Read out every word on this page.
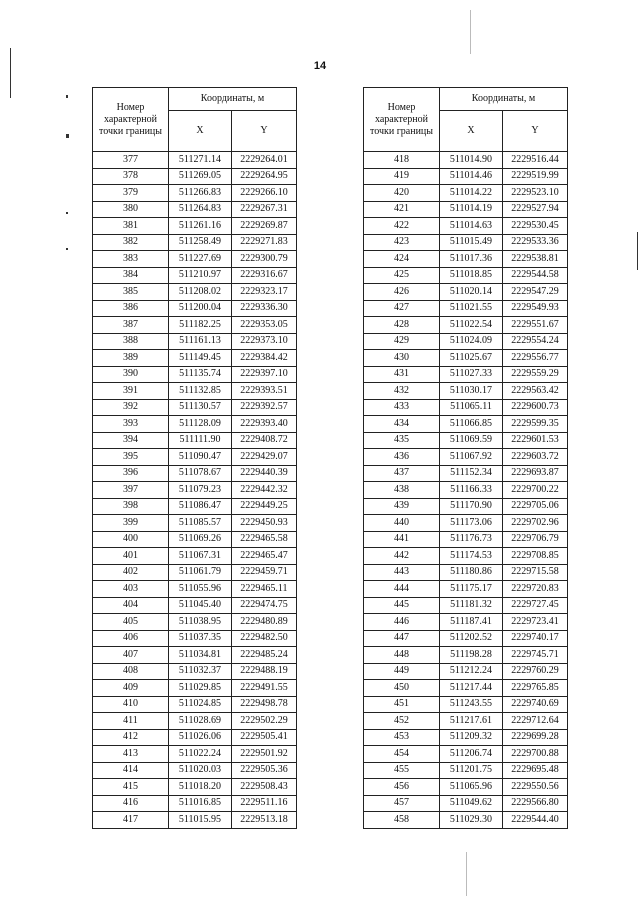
14
Номер характерной точки границы	Координаты, м	
	X	Y
377	511271.14	2229264.01
378	511269.05	2229264.95
379	511266.83	2229266.10
380	511264.83	2229267.31
381	511261.16	2229269.87
382	511258.49	2229271.83
383	511227.69	2229300.79
384	511210.97	2229316.67
385	511208.02	2229323.17
386	511200.04	2229336.30
387	511182.25	2229353.05
388	511161.13	2229373.10
389	511149.45	2229384.42
390	511135.74	2229397.10
391	511132.85	2229393.51
392	511130.57	2229392.57
393	511128.09	2229393.40
394	511111.90	2229408.72
395	511090.47	2229429.07
396	511078.67	2229440.39
397	511079.23	2229442.32
398	511086.47	2229449.25
399	511085.57	2229450.93
400	511069.26	2229465.58
401	511067.31	2229465.47
402	511061.79	2229459.71
403	511055.96	2229465.11
404	511045.40	2229474.75
405	511038.95	2229480.89
406	511037.35	2229482.50
407	511034.81	2229485.24
408	511032.37	2229488.19
409	511029.85	2229491.55
410	511024.85	2229498.78
411	511028.69	2229502.29
412	511026.06	2229505.41
413	511022.24	2229501.92
414	511020.03	2229505.36
415	511018.20	2229508.43
416	511016.85	2229511.16
417	511015.95	2229513.18
Номер характерной точки границы	Координаты, м	
	X	Y
418	511014.90	2229516.44
419	511014.46	2229519.99
420	511014.22	2229523.10
421	511014.19	2229527.94
422	511014.63	2229530.45
423	511015.49	2229533.36
424	511017.36	2229538.81
425	511018.85	2229544.58
426	511020.14	2229547.29
427	511021.55	2229549.93
428	511022.54	2229551.67
429	511024.09	2229554.24
430	511025.67	2229556.77
431	511027.33	2229559.29
432	511030.17	2229563.42
433	511065.11	2229600.73
434	511066.85	2229599.35
435	511069.59	2229601.53
436	511067.92	2229603.72
437	511152.34	2229693.87
438	511166.33	2229700.22
439	511170.90	2229705.06
440	511173.06	2229702.96
441	511176.73	2229706.79
442	511174.53	2229708.85
443	511180.86	2229715.58
444	511175.17	2229720.83
445	511181.32	2229727.45
446	511187.41	2229723.41
447	511202.52	2229740.17
448	511198.28	2229745.71
449	511212.24	2229760.29
450	511217.44	2229765.85
451	511243.55	2229740.69
452	511217.61	2229712.64
453	511209.32	2229699.28
454	511206.74	2229700.88
455	511201.75	2229695.48
456	511065.96	2229550.56
457	511049.62	2229566.80
458	511029.30	2229544.40
